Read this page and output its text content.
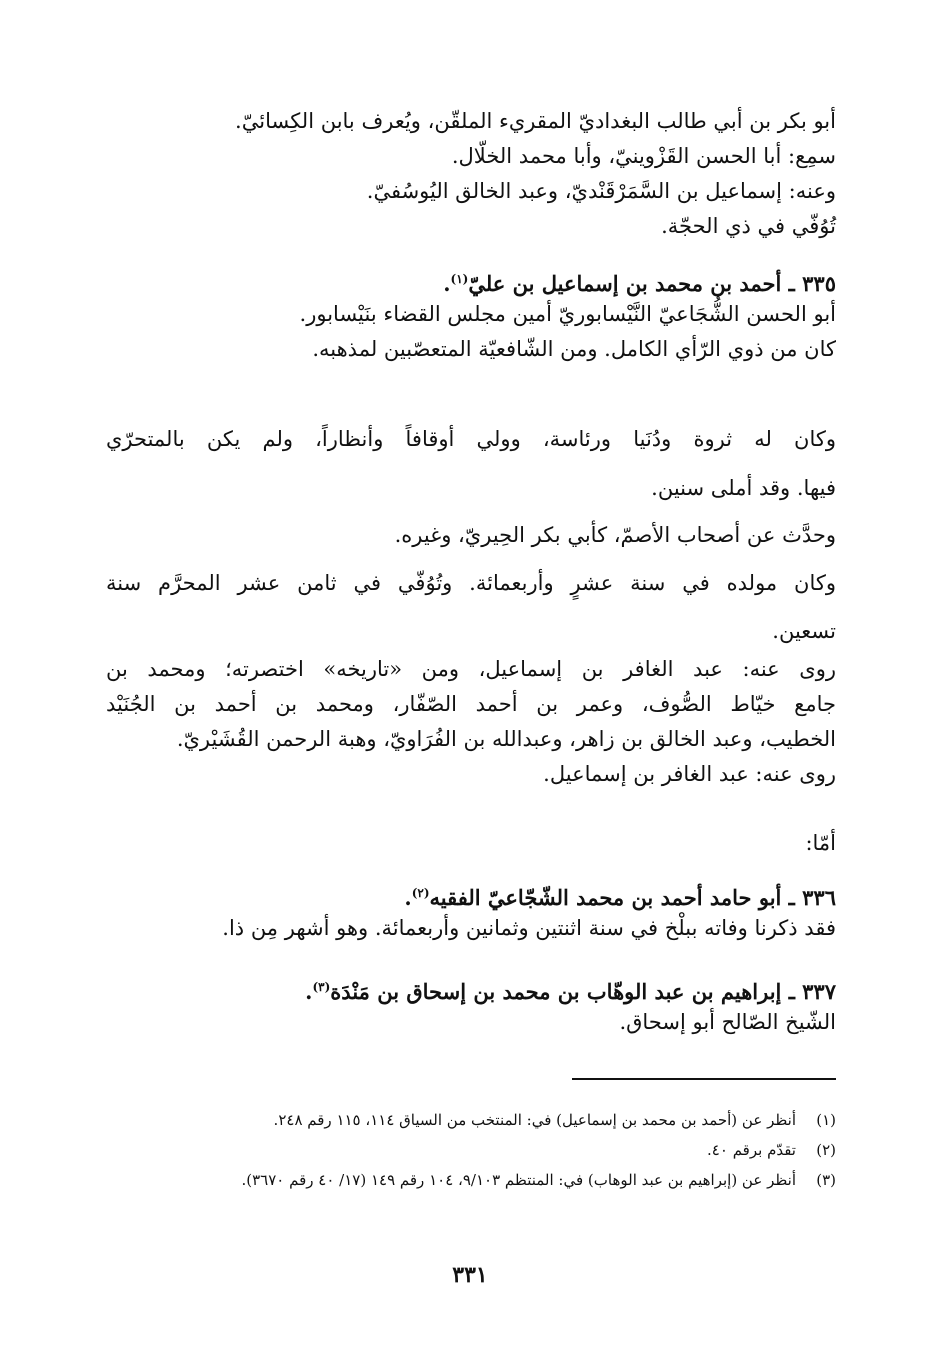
أبو بكر بن أبي طالب البغداديّ المقريء الملقّن، ويُعرف بابن الكِسائيّ.
سمِع: أبا الحسن القَزْوينيّ، وأبا محمد الخلّال.
وعنه: إسماعيل بن السَّمَرْقَنْديّ، وعبد الخالق اليُوسُفيّ.
تُوُفّي في ذي الحجّة.
٣٣٥ ـ أحمد بن محمد بن إسماعيل بن عليّ$^{(١)}$.
أبو الحسن الشُّجَاعيّ النَّيْسابوريّ أمين مجلس القضاء بنَيْسابور.
كان من ذوي الرّأي الكامل. ومن الشّافعيّة المتعصّبين لمذهبه.
وكان له ثروة ودُنَيا ورئاسة، وولي أوقافاً وأنظاراً، ولم يكن بالمتحرّي
فيها. وقد أملى سنين.
وحدَّث عن أصحاب الأصمّ، كأبي بكر الحِيريّ، وغيره.
وكان مولده في سنة عشرٍ وأربعمائة. وتُوُفّي في ثامن عشر المحرَّم سنة
تسعين.
روى عنه: عبد الغافر بن إسماعيل، ومن «تاريخه» اختصرته؛ ومحمد بن
جامع خيّاط الصُّوف، وعمر بن أحمد الصّفّار، ومحمد بن أحمد بن الجُنَيْد
الخطيب، وعبد الخالق بن زاهر، وعبدالله بن الفُرَاويّ، وهبة الرحمن القُشَيْريّ.
روى عنه: عبد الغافر بن إسماعيل.
أمّا:
٣٣٦ ـ أبو حامد أحمد بن محمد الشّجّاعيّ الفقيه$^{(٢)}$.
فقد ذكرنا وفاته ببلْخ في سنة اثنتين وثمانين وأربعمائة. وهو أشهر مِن ذا.
٣٣٧ ـ إبراهيم بن عبد الوهّاب بن محمد بن إسحاق بن مَنْدَة$^{(٣)}$.
الشّيخ الصّالح أبو إسحاق.
(١)
أنظر عن (أحمد بن محمد بن إسماعيل) في: المنتخب من السياق ١١٤، ١١٥ رقم ٢٤٨.
(٢)
تقدّم برقم ٤٠.
(٣)
أنظر عن (إبراهيم بن عبد الوهاب) في: المنتظم ٩/١٠٣، ١٠٤ رقم ١٤٩ (١٧/ ٤٠ رقم ٣٦٧٠).
٣٣١
